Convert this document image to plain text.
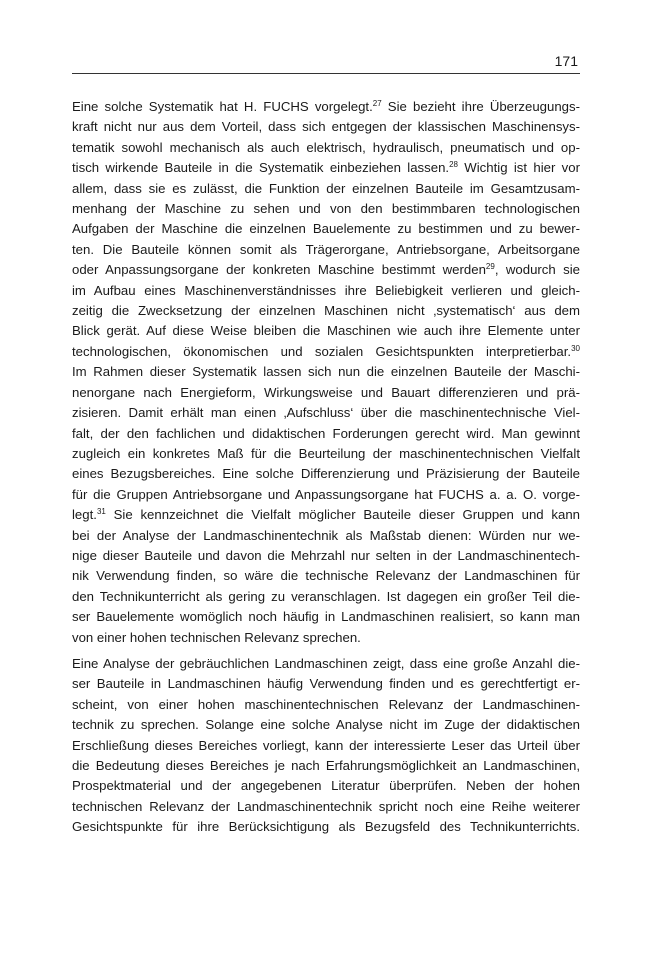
171

Eine solche Systematik hat H. FUCHS vorgelegt.$^{27}$ Sie bezieht ihre Überzeugungs-
kraft nicht nur aus dem Vorteil, dass sich entgegen der klassischen Maschinensys-
tematik sowohl mechanisch als auch elektrisch, hydraulisch, pneumatisch und op-
tisch wirkende Bauteile in die Systematik einbeziehen lassen.$^{28}$ Wichtig ist hier vor
allem, dass sie es zulässt, die Funktion der einzelnen Bauteile im Gesamtzusam-
menhang der Maschine zu sehen und von den bestimmbaren technologischen
Aufgaben der Maschine die einzelnen Bauelemente zu bestimmen und zu bewer-
ten. Die Bauteile können somit als Trägerorgane, Antriebsorgane, Arbeitsorgane
oder Anpassungsorgane der konkreten Maschine bestimmt werden$^{29}$, wodurch sie
im Aufbau eines Maschinenverständnisses ihre Beliebigkeit verlieren und gleich-
zeitig die Zwecksetzung der einzelnen Maschinen nicht ‚systematisch‘ aus dem
Blick gerät. Auf diese Weise bleiben die Maschinen wie auch ihre Elemente unter
technologischen, ökonomischen und sozialen Gesichtspunkten interpretierbar.$^{30}$
Im Rahmen dieser Systematik lassen sich nun die einzelnen Bauteile der Maschi-
nenorgane nach Energieform, Wirkungsweise und Bauart differenzieren und prä-
zisieren. Damit erhält man einen ‚Aufschluss‘ über die maschinentechnische Viel-
falt, der den fachlichen und didaktischen Forderungen gerecht wird. Man gewinnt
zugleich ein konkretes Maß für die Beurteilung der maschinentechnischen Vielfalt
eines Bezugsbereiches. Eine solche Differenzierung und Präzisierung der Bauteile
für die Gruppen Antriebsorgane und Anpassungsorgane hat FUCHS a. a. O. vorge-
legt.$^{31}$ Sie kennzeichnet die Vielfalt möglicher Bauteile dieser Gruppen und kann
bei der Analyse der Landmaschinentechnik als Maßstab dienen: Würden nur we-
nige dieser Bauteile und davon die Mehrzahl nur selten in der Landmaschinentech-
nik Verwendung finden, so wäre die technische Relevanz der Landmaschinen für
den Technikunterricht als gering zu veranschlagen. Ist dagegen ein großer Teil die-
ser Bauelemente womöglich noch häufig in Landmaschinen realisiert, so kann man
von einer hohen technischen Relevanz sprechen.

Eine Analyse der gebräuchlichen Landmaschinen zeigt, dass eine große Anzahl die-
ser Bauteile in Landmaschinen häufig Verwendung finden und es gerechtfertigt er-
scheint, von einer hohen maschinentechnischen Relevanz der Landmaschinen-
technik zu sprechen. Solange eine solche Analyse nicht im Zuge der didaktischen
Erschließung dieses Bereiches vorliegt, kann der interessierte Leser das Urteil über
die Bedeutung dieses Bereiches je nach Erfahrungsmöglichkeit an Landmaschinen,
Prospektmaterial und der angegebenen Literatur überprüfen. Neben der hohen
technischen Relevanz der Landmaschinentechnik spricht noch eine Reihe weiterer
Gesichtspunkte für ihre Berücksichtigung als Bezugsfeld des Technikunterrichts.
